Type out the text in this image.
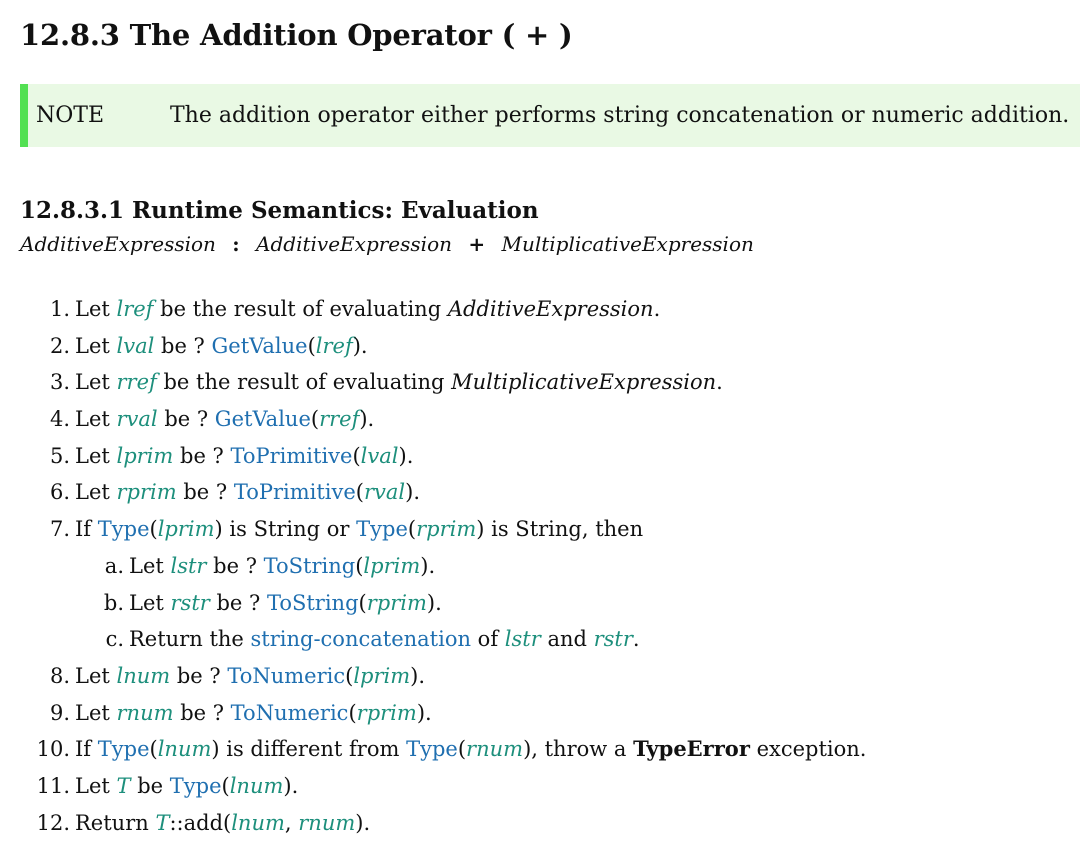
12.8.3 The Addition Operator ( + )
NOTE	The addition operator either performs string concatenation or numeric addition.
12.8.3.1 Runtime Semantics: Evaluation
AdditiveExpression : AdditiveExpression + MultiplicativeExpression
1. Let lref be the result of evaluating AdditiveExpression.
2. Let lval be ? GetValue(lref).
3. Let rref be the result of evaluating MultiplicativeExpression.
4. Let rval be ? GetValue(rref).
5. Let lprim be ? ToPrimitive(lval).
6. Let rprim be ? ToPrimitive(rval).
7. If Type(lprim) is String or Type(rprim) is String, then
a. Let lstr be ? ToString(lprim).
b. Let rstr be ? ToString(rprim).
c. Return the string-concatenation of lstr and rstr.
8. Let lnum be ? ToNumeric(lprim).
9. Let rnum be ? ToNumeric(rprim).
10. If Type(lnum) is different from Type(rnum), throw a TypeError exception.
11. Let T be Type(lnum).
12. Return T::add(lnum, rnum).
